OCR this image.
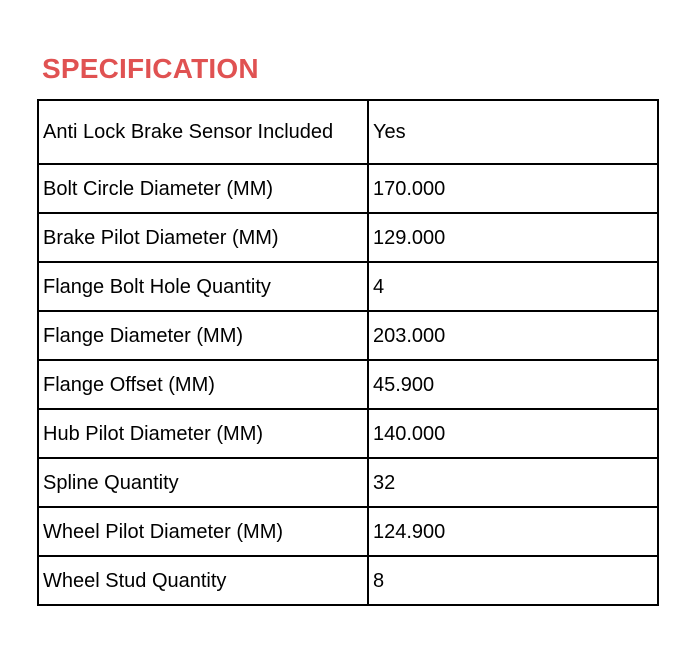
SPECIFICATION
Anti Lock Brake Sensor Included	Yes
Bolt Circle Diameter (MM)	170.000
Brake Pilot Diameter (MM)	129.000
Flange Bolt Hole Quantity	4
Flange Diameter (MM)	203.000
Flange Offset (MM)	45.900
Hub Pilot Diameter (MM)	140.000
Spline Quantity	32
Wheel Pilot Diameter (MM)	124.900
Wheel Stud Quantity	8
